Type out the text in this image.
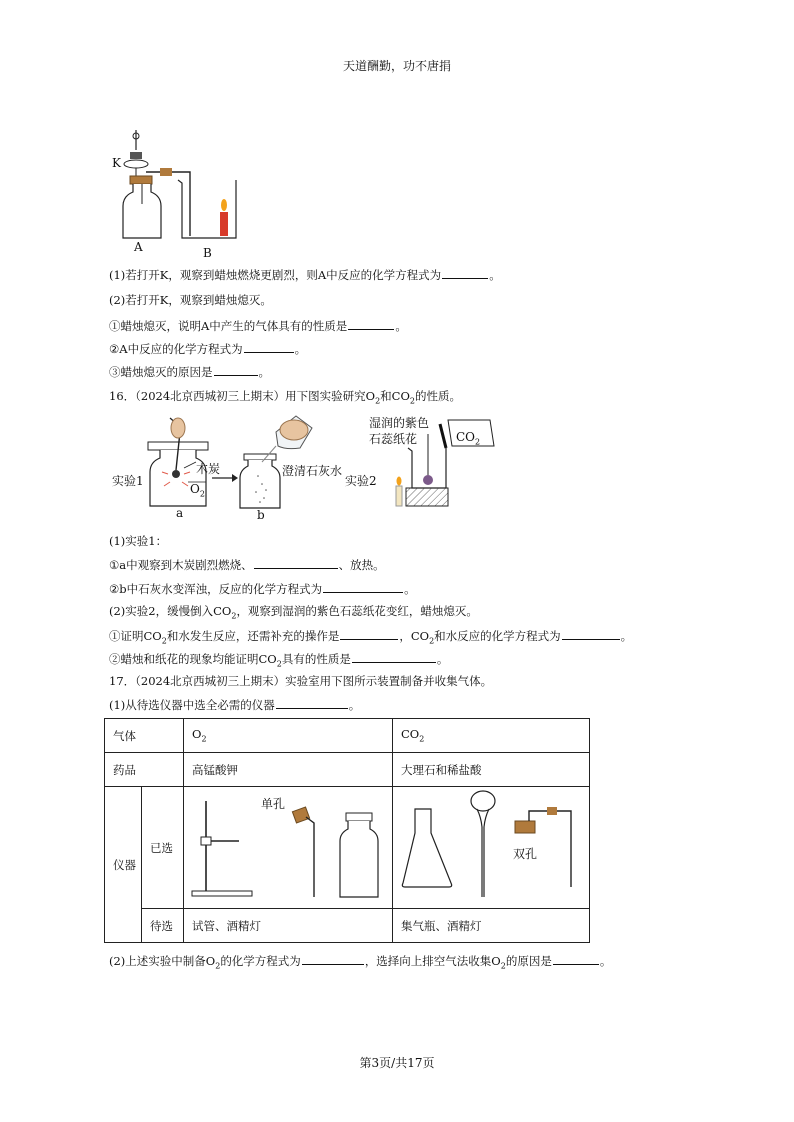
天道酬勤，功不唐捐
K
A	B
(1)若打开K，观察到蜡烛燃烧更剧烈，则A中反应的化学方程式为	。
(2)若打开K，观察到蜡烛熄灭。
①蜡烛熄灭，说明A中产生的气体具有的性质是	。
②A中反应的化学方程式为	。
③蜡烛熄灭的原因是	。
16．（2024北京西城初三上期末）用下图实验研究$O_2$和$CO_2$的性质。
实验1
木炭
$O_2$
a	b
澄清石灰水
实验2
湿润的紫色
石蕊纸花	$CO_2$
(1)实验1：
①a中观察到木炭剧烈燃烧、	、放热。
②b中石灰水变浑浊，反应的化学方程式为	。
(2)实验2，缓慢倒入$CO_2$，观察到湿润的紫色石蕊纸花变红，蜡烛熄灭。
①证明$CO_2$和水发生反应，还需补充的操作是	，$CO_2$和水反应的化学方程式为	。
②蜡烛和纸花的现象均能证明$CO_2$具有的性质是	。
17．（2024北京西城初三上期末）实验室用下图所示装置制备并收集气体。
(1)从待选仪器中选全必需的仪器	。
气体		$O_2$	$CO_2$
药品		高锰酸钾	大理石和稀盐酸
仪器	已选	单孔	双孔

	待选	试管、酒精灯	集气瓶、酒精灯
(2)上述实验中制备$O_2$的化学方程式为	，选择向上排空气法收集$O_2$的原因是	。
第3页/共17页
